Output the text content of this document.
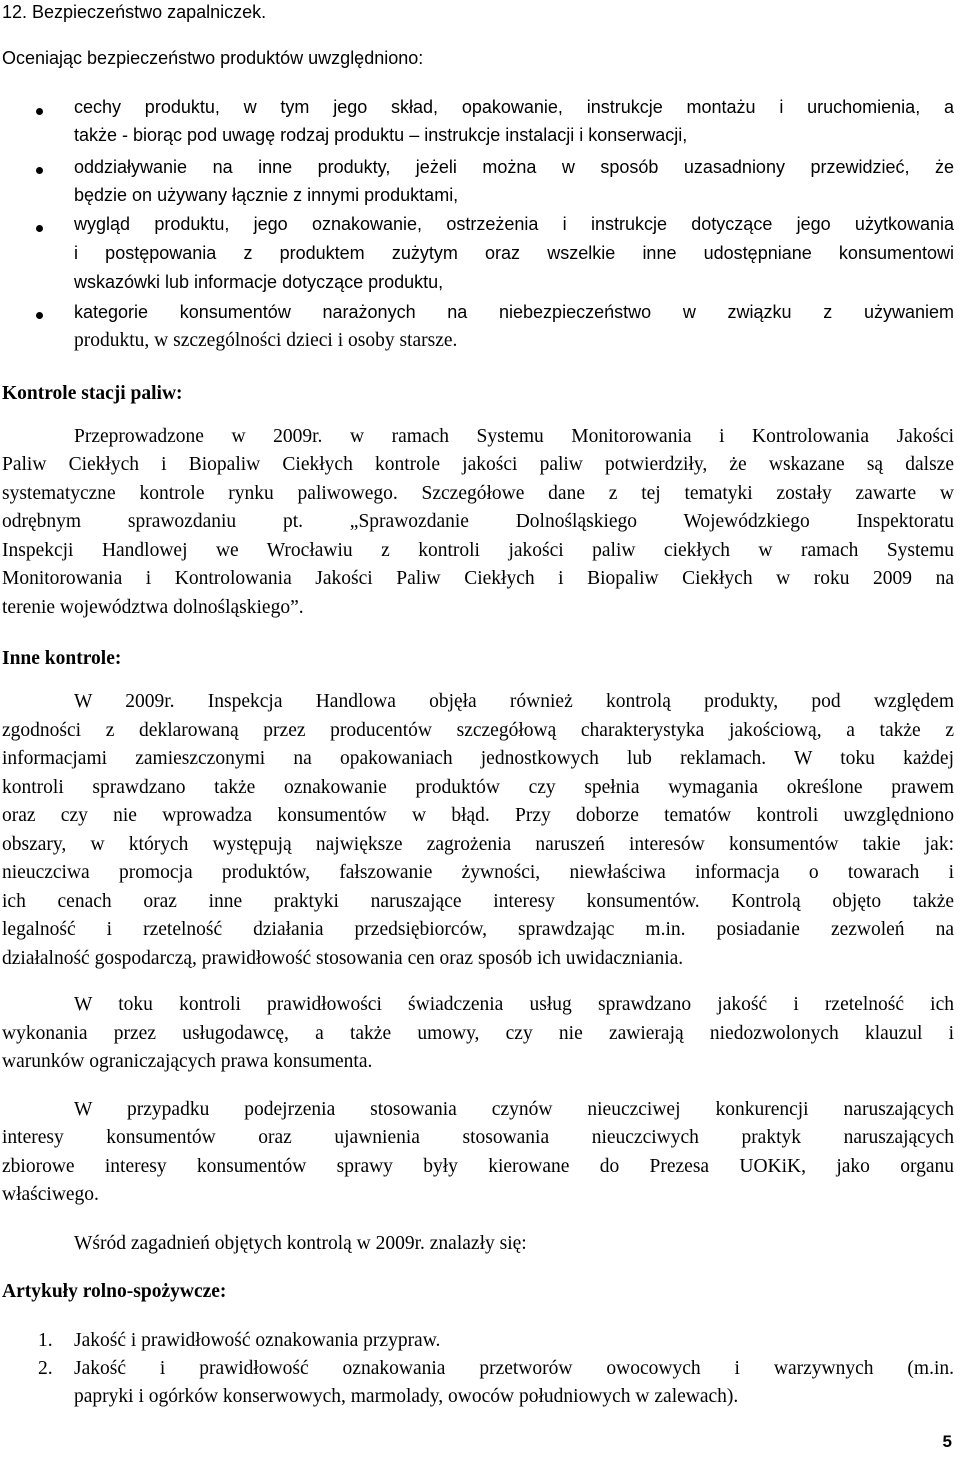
12. Bezpieczeństwo zapalniczek.
Oceniając bezpieczeństwo produktów uwzględniono:
cechy produktu, w tym jego skład, opakowanie, instrukcje montażu i uruchomienia, a
także - biorąc pod uwagę rodzaj produktu – instrukcje instalacji i konserwacji,
oddziaływanie na inne produkty, jeżeli można w sposób uzasadniony przewidzieć, że
będzie on używany łącznie z innymi produktami,
wygląd produktu, jego oznakowanie, ostrzeżenia i instrukcje dotyczące jego użytkowania
i postępowania z produktem zużytym oraz wszelkie inne udostępniane konsumentowi
wskazówki lub informacje dotyczące produktu,
kategorie konsumentów narażonych na niebezpieczeństwo w związku z używaniem
produktu, w szczególności dzieci i osoby starsze.
Kontrole stacji paliw:
Przeprowadzone w 2009r. w ramach Systemu Monitorowania i Kontrolowania Jakości
Paliw Ciekłych i Biopaliw Ciekłych kontrole jakości paliw potwierdziły, że wskazane są dalsze
systematyczne kontrole rynku paliwowego. Szczegółowe dane z tej tematyki zostały zawarte w
odrębnym sprawozdaniu pt. „Sprawozdanie Dolnośląskiego Wojewódzkiego Inspektoratu
Inspekcji Handlowej we Wrocławiu z kontroli jakości paliw ciekłych w ramach Systemu
Monitorowania i Kontrolowania Jakości Paliw Ciekłych i Biopaliw Ciekłych w roku 2009 na
terenie województwa dolnośląskiego”.
Inne kontrole:
W 2009r. Inspekcja Handlowa objęła również kontrolą produkty, pod względem
zgodności z deklarowaną przez producentów szczegółową charakterystyka jakościową, a także z
informacjami zamieszczonymi na opakowaniach jednostkowych lub reklamach. W toku każdej
kontroli sprawdzano także oznakowanie produktów czy spełnia wymagania określone prawem
oraz czy nie wprowadza konsumentów w błąd. Przy doborze tematów kontroli uwzględniono
obszary, w których występują największe zagrożenia naruszeń interesów konsumentów takie jak:
nieuczciwa promocja produktów, fałszowanie żywności, niewłaściwa informacja o towarach i
ich cenach oraz inne praktyki naruszające interesy konsumentów. Kontrolą objęto także
legalność i rzetelność działania przedsiębiorców, sprawdzając m.in. posiadanie zezwoleń na
działalność gospodarczą, prawidłowość stosowania cen oraz sposób ich uwidaczniania.
W toku kontroli prawidłowości świadczenia usług sprawdzano jakość i rzetelność ich
wykonania przez usługodawcę, a także umowy, czy nie zawierają niedozwolonych klauzul i
warunków ograniczających prawa konsumenta.
W przypadku podejrzenia stosowania czynów nieuczciwej konkurencji naruszających
interesy konsumentów oraz ujawnienia stosowania nieuczciwych praktyk naruszających
zbiorowe interesy konsumentów sprawy były kierowane do Prezesa UOKiK, jako organu
właściwego.
Wśród zagadnień objętych kontrolą w 2009r. znalazły się:
Artykuły rolno-spożywcze:
1. Jakość i prawidłowość oznakowania przypraw.
2. Jakość i prawidłowość oznakowania przetworów owocowych i warzywnych (m.in.
papryki i ogórków konserwowych, marmolady, owoców południowych w zalewach).
5
